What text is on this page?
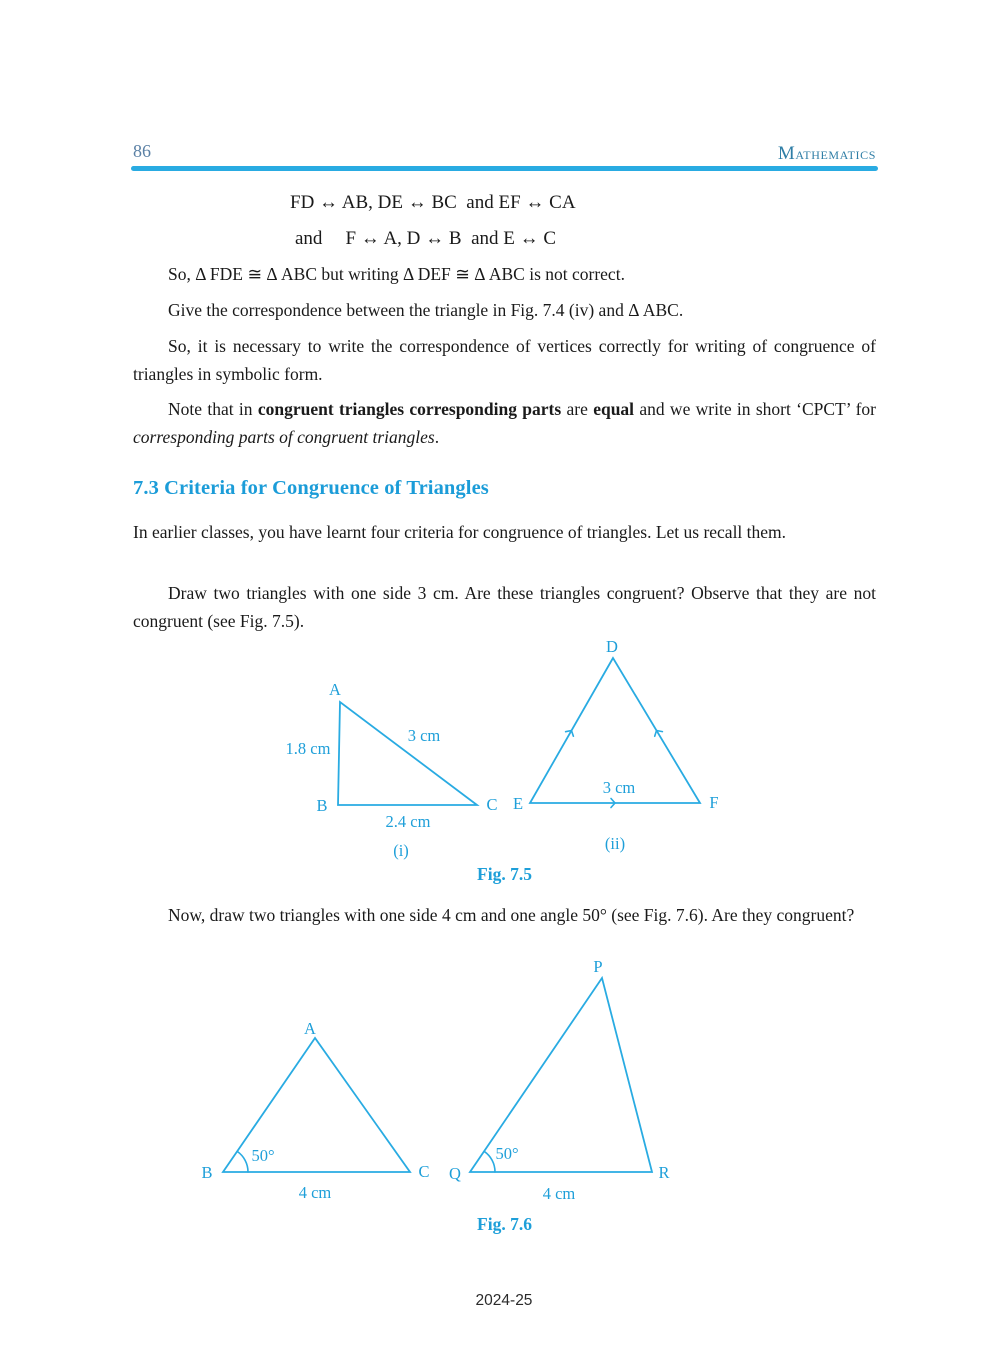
86	Mathematics
FD ↔ AB, DE ↔ BC  and EF ↔ CA
and F ↔ A, D ↔ B  and E ↔ C
So, Δ FDE ≅ Δ ABC but writing Δ DEF ≅ Δ ABC is not correct.
Give the correspondence between the triangle in Fig. 7.4 (iv) and Δ ABC.
So, it is necessary to write the correspondence of vertices correctly for writing of congruence of triangles in symbolic form.
Note that in congruent triangles corresponding parts are equal and we write in short ‘CPCT’ for corresponding parts of congruent triangles.
7.3 Criteria for Congruence of Triangles
In earlier classes, you have learnt four criteria for congruence of triangles. Let us recall them.
Draw two triangles with one side 3 cm. Are these triangles congruent? Observe that they are not congruent (see Fig. 7.5).
A
B	C
1.8 cm
3 cm
2.4 cm
(i)
D
E	F
3 cm
(ii)
Fig. 7.5
Now, draw two triangles with one side 4 cm and one angle 50° (see Fig. 7.6). Are they congruent?
A
B	C
50°
4 cm
P
Q	R
50°
4 cm
Fig. 7.6
2024-25
